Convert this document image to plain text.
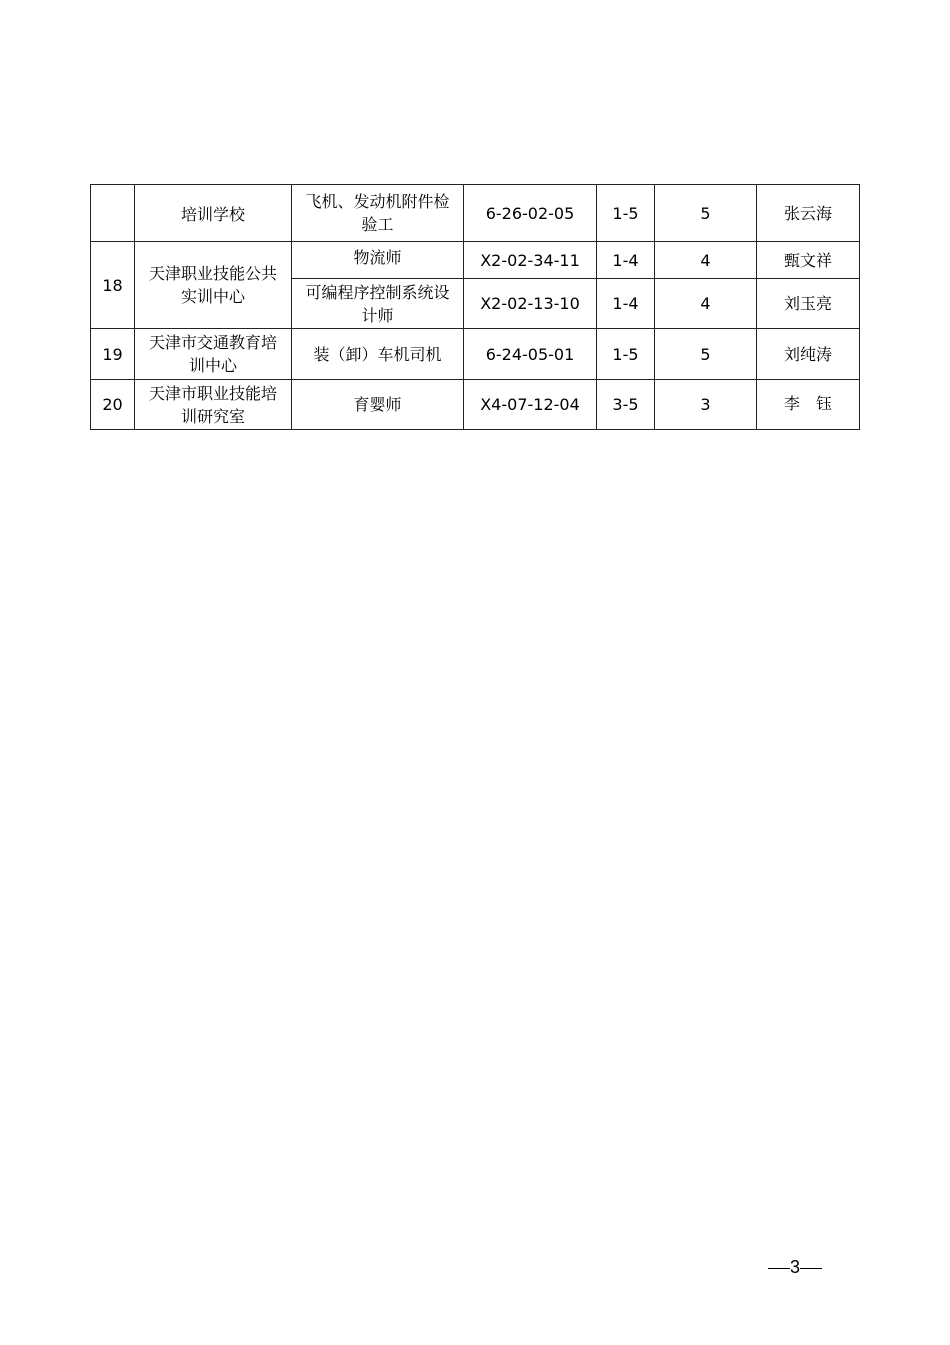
	培训学校	飞机、发动机附件检验工	6-26-02-05	1-5	5	张云海
18	天津职业技能公共实训中心	物流师	X2-02-34-11	1-4	4	甄文祥
		可编程序控制系统设计师	X2-02-13-10	1-4	4	刘玉亮
19	天津市交通教育培训中心	装（卸）车机司机	6-24-05-01	1-5	5	刘纯涛
20	天津市职业技能培训研究室	育婴师	X4-07-12-04	3-5	3	李　钰
3
